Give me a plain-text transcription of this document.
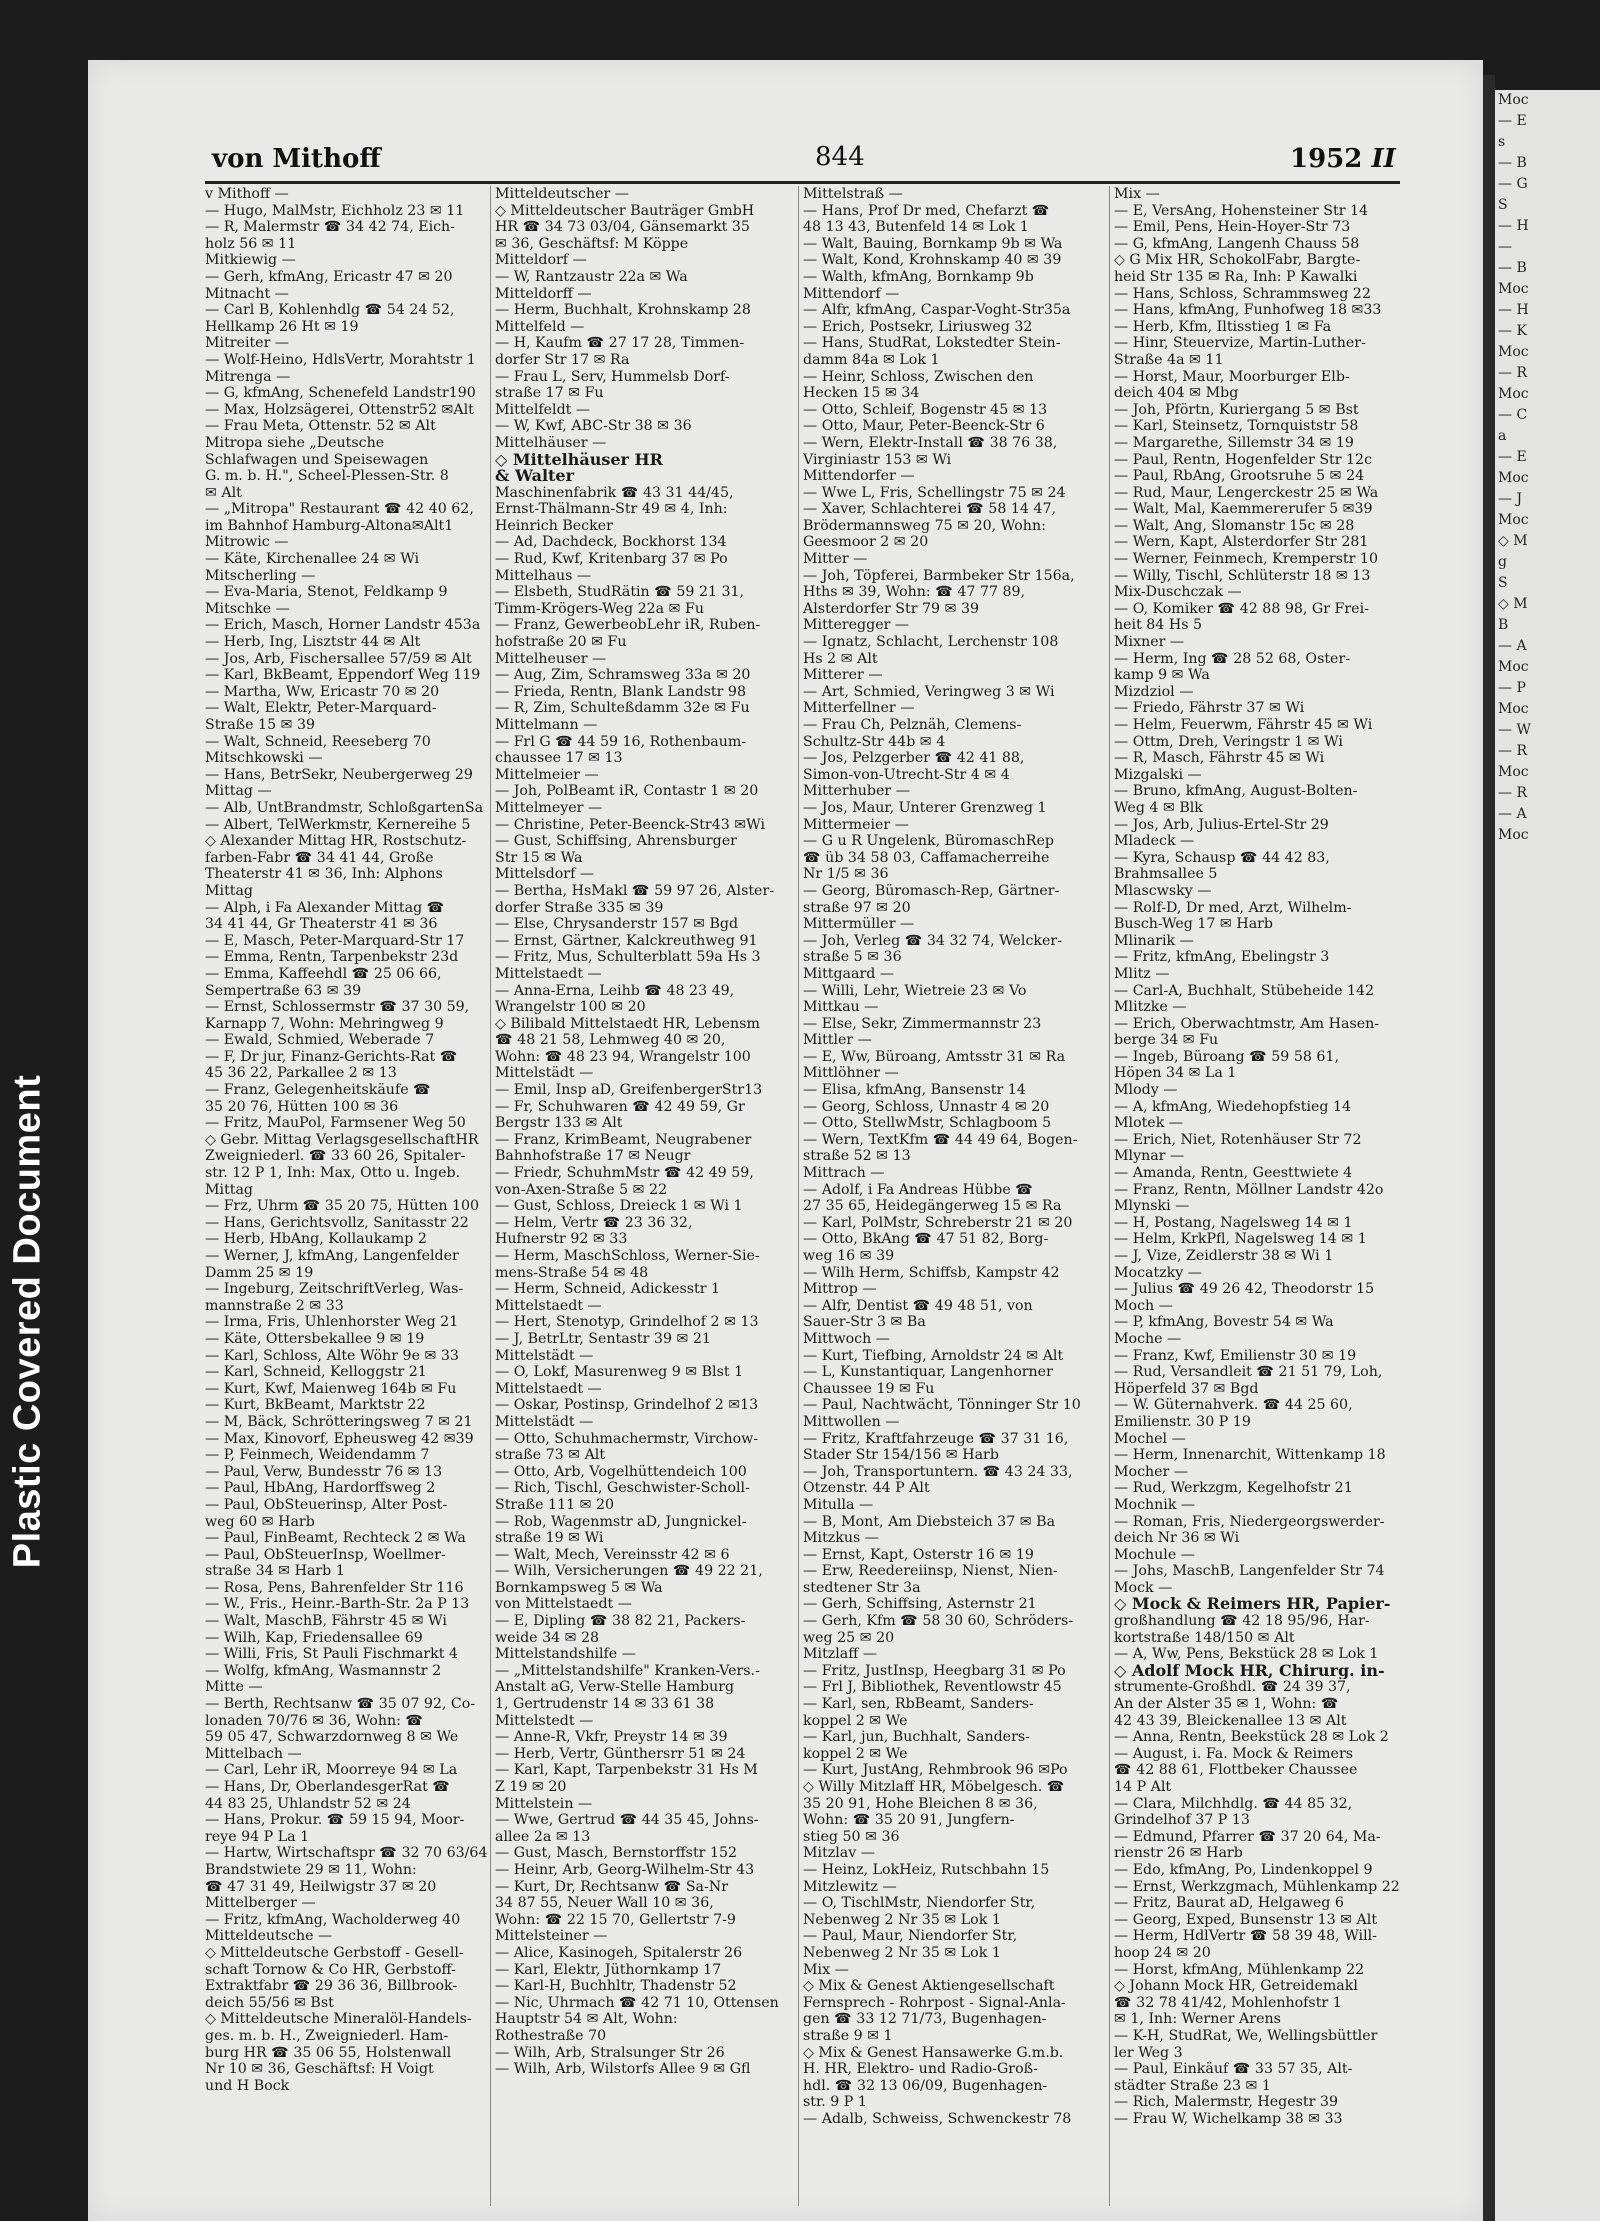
Plastic Covered Document
Moc
— E
s
— B
— G
S
— H
—
— B
Moc
— H
— K
Moc
— R
Moc
— C
a
— E
Moc
— J
Moc
◇ M
g
S
◇ M
B
— A
Moc
— P
Moc
— W
— R
Moc
— R
— A
Moc
von Mithoff	844	1952 II
v Mithoff —
— Hugo, MalMstr, Eichholz 23 ✉ 11
— R, Malermstr ☎ 34 42 74, Eich-
holz 56 ✉ 11
Mitkiewig —
— Gerh, kfmAng, Ericastr 47 ✉ 20
Mitnacht —
— Carl B, Kohlenhdlg ☎ 54 24 52,
Hellkamp 26 Ht ✉ 19
Mitreiter —
— Wolf-Heino, HdlsVertr, Morahtstr 1
Mitrenga —
— G, kfmAng, Schenefeld Landstr190
— Max, Holzsägerei, Ottenstr52 ✉Alt
— Frau Meta, Ottenstr. 52 ✉ Alt
Mitropa siehe „Deutsche
Schlafwagen und Speisewagen
G. m. b. H.", Scheel-Plessen-Str. 8
✉ Alt
— „Mitropa" Restaurant ☎ 42 40 62,
im Bahnhof Hamburg-Altona✉Alt1
Mitrowic —
— Käte, Kirchenallee 24 ✉ Wi
Mitscherling —
— Eva-Maria, Stenot, Feldkamp 9
Mitschke —
— Erich, Masch, Horner Landstr 453a
— Herb, Ing, Lisztstr 44 ✉ Alt
— Jos, Arb, Fischersallee 57/59 ✉ Alt
— Karl, BkBeamt, Eppendorf Weg 119
— Martha, Ww, Ericastr 70 ✉ 20
— Walt, Elektr, Peter-Marquard-
Straße 15 ✉ 39
— Walt, Schneid, Reeseberg 70
Mitschkowski —
— Hans, BetrSekr, Neubergerweg 29
Mittag —
— Alb, UntBrandmstr, SchloßgartenSa
— Albert, TelWerkmstr, Kernereihe 5
◇ Alexander Mittag HR, Rostschutz-
farben-Fabr ☎ 34 41 44, Große
Theaterstr 41 ✉ 36, Inh: Alphons
Mittag
— Alph, i Fa Alexander Mittag ☎
34 41 44, Gr Theaterstr 41 ✉ 36
— E, Masch, Peter-Marquard-Str 17
— Emma, Rentn, Tarpenbekstr 23d
— Emma, Kaffeehdl ☎ 25 06 66,
Sempertraße 63 ✉ 39
— Ernst, Schlossermstr ☎ 37 30 59,
Karnapp 7, Wohn: Mehringweg 9
— Ewald, Schmied, Weberade 7
— F, Dr jur, Finanz-Gerichts-Rat ☎
45 36 22, Parkallee 2 ✉ 13
— Franz, Gelegenheitskäufe ☎
35 20 76, Hütten 100 ✉ 36
— Fritz, MauPol, Farmsener Weg 50
◇ Gebr. Mittag VerlagsgesellschaftHR
Zweigniederl. ☎ 33 60 26, Spitaler-
str. 12 P 1, Inh: Max, Otto u. Ingeb.
Mittag
— Frz, Uhrm ☎ 35 20 75, Hütten 100
— Hans, Gerichtsvollz, Sanitasstr 22
— Herb, HbAng, Kollaukamp 2
— Werner, J, kfmAng, Langenfelder
Damm 25 ✉ 19
— Ingeburg, ZeitschriftVerleg, Was-
mannstraße 2 ✉ 33
— Irma, Fris, Uhlenhorster Weg 21
— Käte, Ottersbekallee 9 ✉ 19
— Karl, Schloss, Alte Wöhr 9e ✉ 33
— Karl, Schneid, Kelloggstr 21
— Kurt, Kwf, Maienweg 164b ✉ Fu
— Kurt, BkBeamt, Marktstr 22
— M, Bäck, Schrötteringsweg 7 ✉ 21
— Max, Kinovorf, Epheusweg 42 ✉39
— P, Feinmech, Weidendamm 7
— Paul, Verw, Bundesstr 76 ✉ 13
— Paul, HbAng, Hardorffsweg 2
— Paul, ObSteuerinsp, Alter Post-
weg 60 ✉ Harb
— Paul, FinBeamt, Rechteck 2 ✉ Wa
— Paul, ObSteuerInsp, Woellmer-
straße 34 ✉ Harb 1
— Rosa, Pens, Bahrenfelder Str 116
— W., Fris., Heinr.-Barth-Str. 2a P 13
— Walt, MaschB, Fährstr 45 ✉ Wi
— Wilh, Kap, Friedensallee 69
— Willi, Fris, St Pauli Fischmarkt 4
— Wolfg, kfmAng, Wasmannstr 2
Mitte —
— Berth, Rechtsanw ☎ 35 07 92, Co-
lonaden 70/76 ✉ 36, Wohn: ☎
59 05 47, Schwarzdornweg 8 ✉ We
Mittelbach —
— Carl, Lehr iR, Moorreye 94 ✉ La
— Hans, Dr, OberlandesgerRat ☎
44 83 25, Uhlandstr 52 ✉ 24
— Hans, Prokur. ☎ 59 15 94, Moor-
reye 94 P La 1
— Hartw, Wirtschaftspr ☎ 32 70 63/64
Brandstwiete 29 ✉ 11, Wohn:
☎ 47 31 49, Heilwigstr 37 ✉ 20
Mittelberger —
— Fritz, kfmAng, Wacholderweg 40
Mitteldeutsche —
◇ Mitteldeutsche Gerbstoff - Gesell-
schaft Tornow & Co HR, Gerbstoff-
Extraktfabr ☎ 29 36 36, Billbrook-
deich 55/56 ✉ Bst
◇ Mitteldeutsche Mineralöl-Handels-
ges. m. b. H., Zweigniederl. Ham-
burg HR ☎ 35 06 55, Holstenwall
Nr 10 ✉ 36, Geschäftsf: H Voigt
und H Bock
Mitteldeutscher —
◇ Mitteldeutscher Bauträger GmbH
HR ☎ 34 73 03/04, Gänsemarkt 35
✉ 36, Geschäftsf: M Köppe
Mitteldorf —
— W, Rantzaustr 22a ✉ Wa
Mitteldorff —
— Herm, Buchhalt, Krohnskamp 28
Mittelfeld —
— H, Kaufm ☎ 27 17 28, Timmen-
dorfer Str 17 ✉ Ra
— Frau L, Serv, Hummelsb Dorf-
straße 17 ✉ Fu
Mittelfeldt —
— W, Kwf, ABC-Str 38 ✉ 36
Mittelhäuser —
◇ Mittelhäuser HR
& Walter
Maschinenfabrik ☎ 43 31 44/45,
Ernst-Thälmann-Str 49 ✉ 4, Inh:
Heinrich Becker
— Ad, Dachdeck, Bockhorst 134
— Rud, Kwf, Kritenbarg 37 ✉ Po
Mittelhaus —
— Elsbeth, StudRätin ☎ 59 21 31,
Timm-Krögers-Weg 22a ✉ Fu
— Franz, GewerbeobLehr iR, Ruben-
hofstraße 20 ✉ Fu
Mittelheuser —
— Aug, Zim, Schramsweg 33a ✉ 20
— Frieda, Rentn, Blank Landstr 98
— R, Zim, Schulteßdamm 32e ✉ Fu
Mittelmann —
— Frl G ☎ 44 59 16, Rothenbaum-
chaussee 17 ✉ 13
Mittelmeier —
— Joh, PolBeamt iR, Contastr 1 ✉ 20
Mittelmeyer —
— Christine, Peter-Beenck-Str43 ✉Wi
— Gust, Schiffsing, Ahrensburger
Str 15 ✉ Wa
Mittelsdorf —
— Bertha, HsMakl ☎ 59 97 26, Alster-
dorfer Straße 335 ✉ 39
— Else, Chrysanderstr 157 ✉ Bgd
— Ernst, Gärtner, Kalckreuthweg 91
— Fritz, Mus, Schulterblatt 59a Hs 3
Mittelstaedt —
— Anna-Erna, Leihb ☎ 48 23 49,
Wrangelstr 100 ✉ 20
◇ Bilibald Mittelstaedt HR, Lebensm
☎ 48 21 58, Lehmweg 40 ✉ 20,
Wohn: ☎ 48 23 94, Wrangelstr 100
Mittelstädt —
— Emil, Insp aD, GreifenbergerStr13
— Fr, Schuhwaren ☎ 42 49 59, Gr
Bergstr 133 ✉ Alt
— Franz, KrimBeamt, Neugrabener
Bahnhofstraße 17 ✉ Neugr
— Friedr, SchuhmMstr ☎ 42 49 59,
von-Axen-Straße 5 ✉ 22
— Gust, Schloss, Dreieck 1 ✉ Wi 1
— Helm, Vertr ☎ 23 36 32,
Hufnerstr 92 ✉ 33
— Herm, MaschSchloss, Werner-Sie-
mens-Straße 54 ✉ 48
— Herm, Schneid, Adickesstr 1
Mittelstaedt —
— Hert, Stenotyp, Grindelhof 2 ✉ 13
— J, BetrLtr, Sentastr 39 ✉ 21
Mittelstädt —
— O, Lokf, Masurenweg 9 ✉ Blst 1
Mittelstaedt —
— Oskar, Postinsp, Grindelhof 2 ✉13
Mittelstädt —
— Otto, Schuhmachermstr, Virchow-
straße 73 ✉ Alt
— Otto, Arb, Vogelhüttendeich 100
— Rich, Tischl, Geschwister-Scholl-
Straße 111 ✉ 20
— Rob, Wagenmstr aD, Jungnickel-
straße 19 ✉ Wi
— Walt, Mech, Vereinsstr 42 ✉ 6
— Wilh, Versicherungen ☎ 49 22 21,
Bornkampsweg 5 ✉ Wa
von Mittelstaedt —
— E, Dipling ☎ 38 82 21, Packers-
weide 34 ✉ 28
Mittelstandshilfe —
— „Mittelstandshilfe" Kranken-Vers.-
Anstalt aG, Verw-Stelle Hamburg
1, Gertrudenstr 14 ✉ 33 61 38
Mittelstedt —
— Anne-R, Vkfr, Preystr 14 ✉ 39
— Herb, Vertr, Günthersrr 51 ✉ 24
— Karl, Kapt, Tarpenbekstr 31 Hs M
Z 19 ✉ 20
Mittelstein —
— Wwe, Gertrud ☎ 44 35 45, Johns-
allee 2a ✉ 13
— Gust, Masch, Bernstorffstr 152
— Heinr, Arb, Georg-Wilhelm-Str 43
— Kurt, Dr, Rechtsanw ☎ Sa-Nr
34 87 55, Neuer Wall 10 ✉ 36,
Wohn: ☎ 22 15 70, Gellertstr 7-9
Mittelsteiner —
— Alice, Kasinogeh, Spitalerstr 26
— Karl, Elektr, Jüthornkamp 17
— Karl-H, Buchhltr, Thadenstr 52
— Nic, Uhrmach ☎ 42 71 10, Ottensen
Hauptstr 54 ✉ Alt, Wohn:
Rothestraße 70
— Wilh, Arb, Stralsunger Str 26
— Wilh, Arb, Wilstorfs Allee 9 ✉ Gfl
Mittelstraß —
— Hans, Prof Dr med, Chefarzt ☎
48 13 43, Butenfeld 14 ✉ Lok 1
— Walt, Bauing, Bornkamp 9b ✉ Wa
— Walt, Kond, Krohnskamp 40 ✉ 39
— Walth, kfmAng, Bornkamp 9b
Mittendorf —
— Alfr, kfmAng, Caspar-Voght-Str35a
— Erich, Postsekr, Liriusweg 32
— Hans, StudRat, Lokstedter Stein-
damm 84a ✉ Lok 1
— Heinr, Schloss, Zwischen den
Hecken 15 ✉ 34
— Otto, Schleif, Bogenstr 45 ✉ 13
— Otto, Maur, Peter-Beenck-Str 6
— Wern, Elektr-Install ☎ 38 76 38,
Virginiastr 153 ✉ Wi
Mittendorfer —
— Wwe L, Fris, Schellingstr 75 ✉ 24
— Xaver, Schlachterei ☎ 58 14 47,
Brödermannsweg 75 ✉ 20, Wohn:
Geesmoor 2 ✉ 20
Mitter —
— Joh, Töpferei, Barmbeker Str 156a,
Hths ✉ 39, Wohn: ☎ 47 77 89,
Alsterdorfer Str 79 ✉ 39
Mitteregger —
— Ignatz, Schlacht, Lerchenstr 108
Hs 2 ✉ Alt
Mitterer —
— Art, Schmied, Veringweg 3 ✉ Wi
Mitterfellner —
— Frau Ch, Pelznäh, Clemens-
Schultz-Str 44b ✉ 4
— Jos, Pelzgerber ☎ 42 41 88,
Simon-von-Utrecht-Str 4 ✉ 4
Mitterhuber —
— Jos, Maur, Unterer Grenzweg 1
Mittermeier —
— G u R Ungelenk, BüromaschRep
☎ üb 34 58 03, Caffamacherreihe
Nr 1/5 ✉ 36
— Georg, Büromasch-Rep, Gärtner-
straße 97 ✉ 20
Mittermüller —
— Joh, Verleg ☎ 34 32 74, Welcker-
straße 5 ✉ 36
Mittgaard —
— Willi, Lehr, Wietreie 23 ✉ Vo
Mittkau —
— Else, Sekr, Zimmermannstr 23
Mittler —
— E, Ww, Büroang, Amtsstr 31 ✉ Ra
Mittlöhner —
— Elisa, kfmAng, Bansenstr 14
— Georg, Schloss, Unnastr 4 ✉ 20
— Otto, StellwMstr, Schlagboom 5
— Wern, TextKfm ☎ 44 49 64, Bogen-
straße 52 ✉ 13
Mittrach —
— Adolf, i Fa Andreas Hübbe ☎
27 35 65, Heidegängerweg 15 ✉ Ra
— Karl, PolMstr, Schreberstr 21 ✉ 20
— Otto, BkAng ☎ 47 51 82, Borg-
weg 16 ✉ 39
— Wilh Herm, Schiffsb, Kampstr 42
Mittrop —
— Alfr, Dentist ☎ 49 48 51, von
Sauer-Str 3 ✉ Ba
Mittwoch —
— Kurt, Tiefbing, Arnoldstr 24 ✉ Alt
— L, Kunstantiquar, Langenhorner
Chaussee 19 ✉ Fu
— Paul, Nachtwächt, Tönninger Str 10
Mittwollen —
— Fritz, Kraftfahrzeuge ☎ 37 31 16,
Stader Str 154/156 ✉ Harb
— Joh, Transportuntern. ☎ 43 24 33,
Otzenstr. 44 P Alt
Mitulla —
— B, Mont, Am Diebsteich 37 ✉ Ba
Mitzkus —
— Ernst, Kapt, Osterstr 16 ✉ 19
— Erw, Reedereiinsp, Nienst, Nien-
stedtener Str 3a
— Gerh, Schiffsing, Asternstr 21
— Gerh, Kfm ☎ 58 30 60, Schröders-
weg 25 ✉ 20
Mitzlaff —
— Fritz, JustInsp, Heegbarg 31 ✉ Po
— Frl J, Bibliothek, Reventlowstr 45
— Karl, sen, RbBeamt, Sanders-
koppel 2 ✉ We
— Karl, jun, Buchhalt, Sanders-
koppel 2 ✉ We
— Kurt, JustAng, Rehmbrook 96 ✉Po
◇ Willy Mitzlaff HR, Möbelgesch. ☎
35 20 91, Hohe Bleichen 8 ✉ 36,
Wohn: ☎ 35 20 91, Jungfern-
stieg 50 ✉ 36
Mitzlav —
— Heinz, LokHeiz, Rutschbahn 15
Mitzlewitz —
— O, TischlMstr, Niendorfer Str,
Nebenweg 2 Nr 35 ✉ Lok 1
— Paul, Maur, Niendorfer Str,
Nebenweg 2 Nr 35 ✉ Lok 1
Mix —
◇ Mix & Genest Aktiengesellschaft
Fernsprech - Rohrpost - Signal-Anla-
gen ☎ 33 12 71/73, Bugenhagen-
straße 9 ✉ 1
◇ Mix & Genest Hansawerke G.m.b.
H. HR, Elektro- und Radio-Groß-
hdl. ☎ 32 13 06/09, Bugenhagen-
str. 9 P 1
— Adalb, Schweiss, Schwenckestr 78
Mix —
— E, VersAng, Hohensteiner Str 14
— Emil, Pens, Hein-Hoyer-Str 73
— G, kfmAng, Langenh Chauss 58
◇ G Mix HR, SchokolFabr, Bargte-
heid Str 135 ✉ Ra, Inh: P Kawalki
— Hans, Schloss, Schrammsweg 22
— Hans, kfmAng, Funhofweg 18 ✉33
— Herb, Kfm, Iltisstieg 1 ✉ Fa
— Hinr, Steuervize, Martin-Luther-
Straße 4a ✉ 11
— Horst, Maur, Moorburger Elb-
deich 404 ✉ Mbg
— Joh, Pförtn, Kuriergang 5 ✉ Bst
— Karl, Steinsetz, Tornquiststr 58
— Margarethe, Sillemstr 34 ✉ 19
— Paul, Rentn, Hogenfelder Str 12c
— Paul, RbAng, Grootsruhe 5 ✉ 24
— Rud, Maur, Lengerckestr 25 ✉ Wa
— Walt, Mal, Kaemmererufer 5 ✉39
— Walt, Ang, Slomanstr 15c ✉ 28
— Wern, Kapt, Alsterdorfer Str 281
— Werner, Feinmech, Kremperstr 10
— Willy, Tischl, Schlüterstr 18 ✉ 13
Mix-Duschczak —
— O, Komiker ☎ 42 88 98, Gr Frei-
heit 84 Hs 5
Mixner —
— Herm, Ing ☎ 28 52 68, Oster-
kamp 9 ✉ Wa
Mizdziol —
— Friedo, Fährstr 37 ✉ Wi
— Helm, Feuerwm, Fährstr 45 ✉ Wi
— Ottm, Dreh, Veringstr 1 ✉ Wi
— R, Masch, Fährstr 45 ✉ Wi
Mizgalski —
— Bruno, kfmAng, August-Bolten-
Weg 4 ✉ Blk
— Jos, Arb, Julius-Ertel-Str 29
Mladeck —
— Kyra, Schausp ☎ 44 42 83,
Brahmsallee 5
Mlascwsky —
— Rolf-D, Dr med, Arzt, Wilhelm-
Busch-Weg 17 ✉ Harb
Mlinarik —
— Fritz, kfmAng, Ebelingstr 3
Mlitz —
— Carl-A, Buchhalt, Stübeheide 142
Mlitzke —
— Erich, Oberwachtmstr, Am Hasen-
berge 34 ✉ Fu
— Ingeb, Büroang ☎ 59 58 61,
Höpen 34 ✉ La 1
Mlody —
— A, kfmAng, Wiedehopfstieg 14
Mlotek —
— Erich, Niet, Rotenhäuser Str 72
Mlynar —
— Amanda, Rentn, Geesttwiete 4
— Franz, Rentn, Möllner Landstr 42o
Mlynski —
— H, Postang, Nagelsweg 14 ✉ 1
— Helm, KrkPfl, Nagelsweg 14 ✉ 1
— J, Vize, Zeidlerstr 38 ✉ Wi 1
Mocatzky —
— Julius ☎ 49 26 42, Theodorstr 15
Moch —
— P, kfmAng, Bovestr 54 ✉ Wa
Moche —
— Franz, Kwf, Emilienstr 30 ✉ 19
— Rud, Versandleit ☎ 21 51 79, Loh,
Höperfeld 37 ✉ Bgd
— W. Güternahverk. ☎ 44 25 60,
Emilienstr. 30 P 19
Mochel —
— Herm, Innenarchit, Wittenkamp 18
Mocher —
— Rud, Werkzgm, Kegelhofstr 21
Mochnik —
— Roman, Fris, Niedergeorgswerder-
deich Nr 36 ✉ Wi
Mochule —
— Johs, MaschB, Langenfelder Str 74
Mock —
◇ Mock & Reimers HR, Papier-
großhandlung ☎ 42 18 95/96, Har-
kortstraße 148/150 ✉ Alt
— A, Ww, Pens, Bekstück 28 ✉ Lok 1
◇ Adolf Mock HR, Chirurg. in-
strumente-Großhdl. ☎ 24 39 37,
An der Alster 35 ✉ 1, Wohn: ☎
42 43 39, Bleickenallee 13 ✉ Alt
— Anna, Rentn, Beekstück 28 ✉ Lok 2
— August, i. Fa. Mock & Reimers
☎ 42 88 61, Flottbeker Chaussee
14 P Alt
— Clara, Milchhdlg. ☎ 44 85 32,
Grindelhof 37 P 13
— Edmund, Pfarrer ☎ 37 20 64, Ma-
rienstr 26 ✉ Harb
— Edo, kfmAng, Po, Lindenkoppel 9
— Ernst, Werkzgmach, Mühlenkamp 22
— Fritz, Baurat aD, Helgaweg 6
— Georg, Exped, Bunsenstr 13 ✉ Alt
— Herm, HdlVertr ☎ 58 39 48, Will-
hoop 24 ✉ 20
— Horst, kfmAng, Mühlenkamp 22
◇ Johann Mock HR, Getreidemakl
☎ 32 78 41/42, Mohlenhofstr 1
✉ 1, Inh: Werner Arens
— K-H, StudRat, We, Wellingsbüttler
ler Weg 3
— Paul, Einkäuf ☎ 33 57 35, Alt-
städter Straße 23 ✉ 1
— Rich, Malermstr, Hegestr 39
— Frau W, Wichelkamp 38 ✉ 33
